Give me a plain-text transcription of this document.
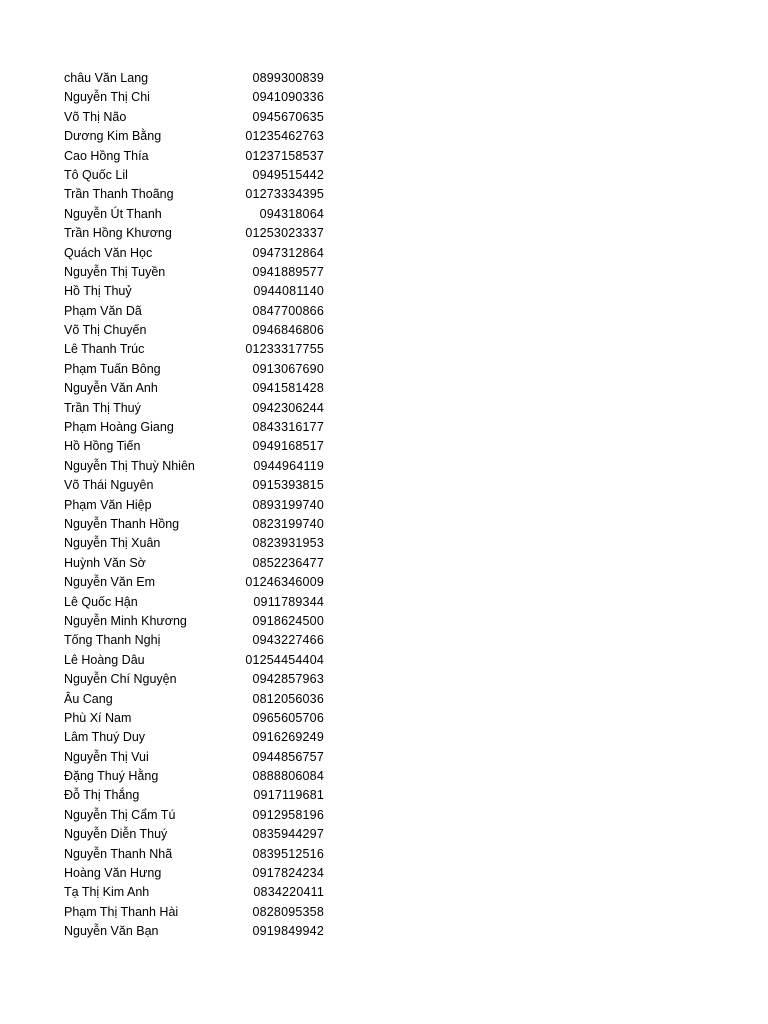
châu Văn Lang	0899300839
Nguyễn Thị Chi	0941090336
Võ Thị Não	0945670635
Dương Kim Bằng	01235462763
Cao Hồng Thía	01237158537
Tô Quốc Lil	0949515442
Trần Thanh Thoãng	01273334395
Nguyễn Út Thanh	094318064
Trần Hồng Khương	01253023337
Quách Văn Học	0947312864
Nguyễn Thị Tuyền	0941889577
Hồ Thị Thuỷ	0944081140
Phạm Văn Dã	0847700866
Võ Thị Chuyến	0946846806
Lê Thanh Trúc	01233317755
Phạm Tuấn Bông	0913067690
Nguyễn Văn Anh	0941581428
Trần Thị Thuý	0942306244
Phạm Hoàng Giang	0843316177
Hồ Hồng Tiến	0949168517
Nguyễn Thị Thuỳ Nhiên	0944964119
Võ Thái Nguyên	0915393815
Phạm Văn Hiệp	0893199740
Nguyễn Thanh Hồng	0823199740
Nguyễn Thị Xuân	0823931953
Huỳnh Văn Sờ	0852236477
Nguyễn Văn Em	01246346009
Lê Quốc Hận	0911789344
Nguyễn Minh Khương	0918624500
Tống Thanh Nghị	0943227466
Lê Hoàng Dâu	01254454404
Nguyễn Chí Nguyện	0942857963
Âu Cang	0812056036
Phù Xí Nam	0965605706
Lâm Thuý Duy	0916269249
Nguyễn Thị Vui	0944856757
Đặng Thuý Hằng	0888806084
Đỗ Thị Thắng	0917119681
Nguyễn Thị Cẩm Tú	0912958196
Nguyễn Diễn Thuý	0835944297
Nguyễn Thanh Nhã	0839512516
Hoàng Văn Hưng	0917824234
Tạ Thị Kim Anh	0834220411
Phạm Thị Thanh Hài	0828095358
Nguyễn Văn Bạn	0919849942
